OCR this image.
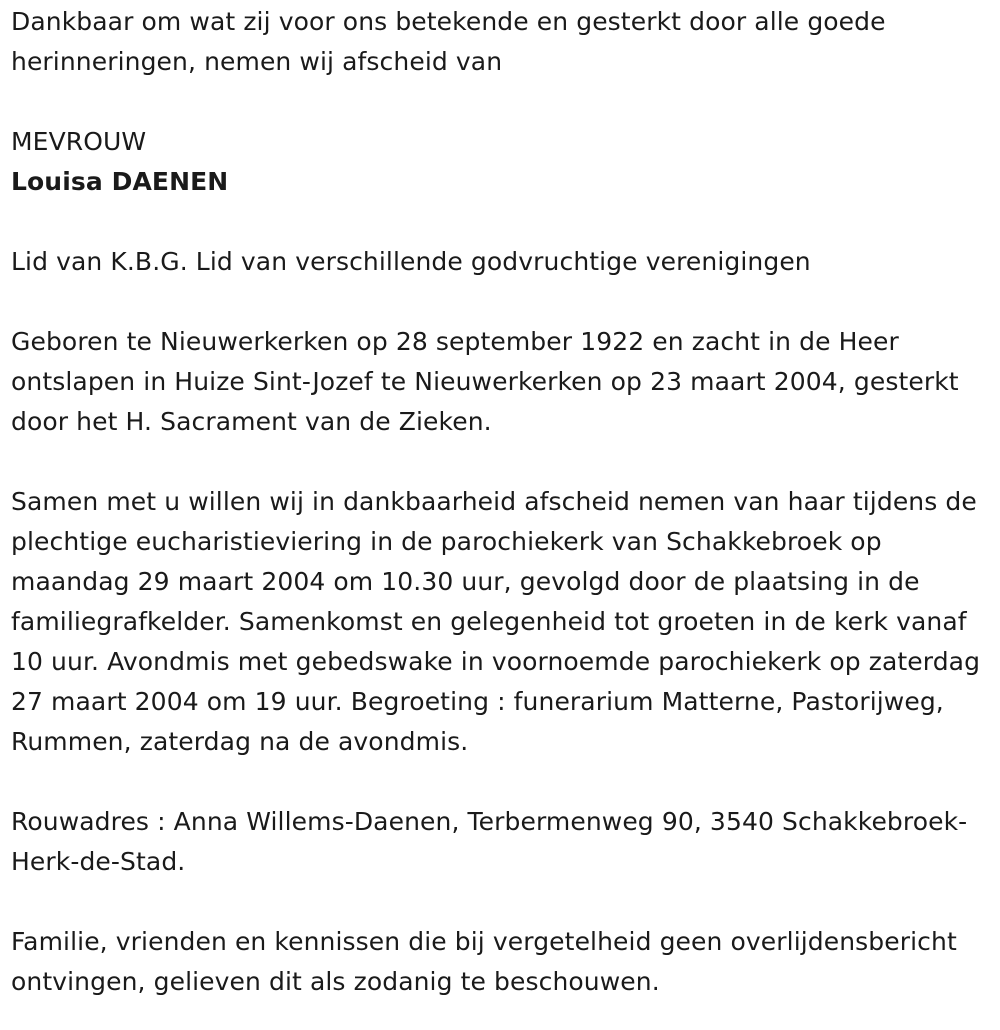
Dankbaar om wat zij voor ons betekende en gesterkt door alle goede herinneringen, nemen wij afscheid van

MEVROUW

Louisa DAENEN

Lid van K.B.G. Lid van verschillende godvruchtige verenigingen

Geboren te Nieuwerkerken op 28 september 1922 en zacht in de Heer ontslapen in Huize Sint-Jozef te Nieuwerkerken op 23 maart 2004, gesterkt door het H. Sacrament van de Zieken.

Samen met u willen wij in dankbaarheid afscheid nemen van haar tijdens de plechtige eucharistieviering in de parochiekerk van Schakkebroek op maandag 29 maart 2004 om 10.30 uur, gevolgd door de plaatsing in de familiegrafkelder. Samenkomst en gelegenheid tot groeten in de kerk vanaf 10 uur. Avondmis met gebedswake in voornoemde parochiekerk op zaterdag 27 maart 2004 om 19 uur. Begroeting : funerarium Matterne, Pastorijweg, Rummen, zaterdag na de avondmis.

Rouwadres : Anna Willems-Daenen, Terbermenweg 90, 3540 Schakkebroek-Herk-de-Stad.

Familie, vrienden en kennissen die bij vergetelheid geen overlijdensbericht ontvingen, gelieven dit als zodanig te beschouwen.
